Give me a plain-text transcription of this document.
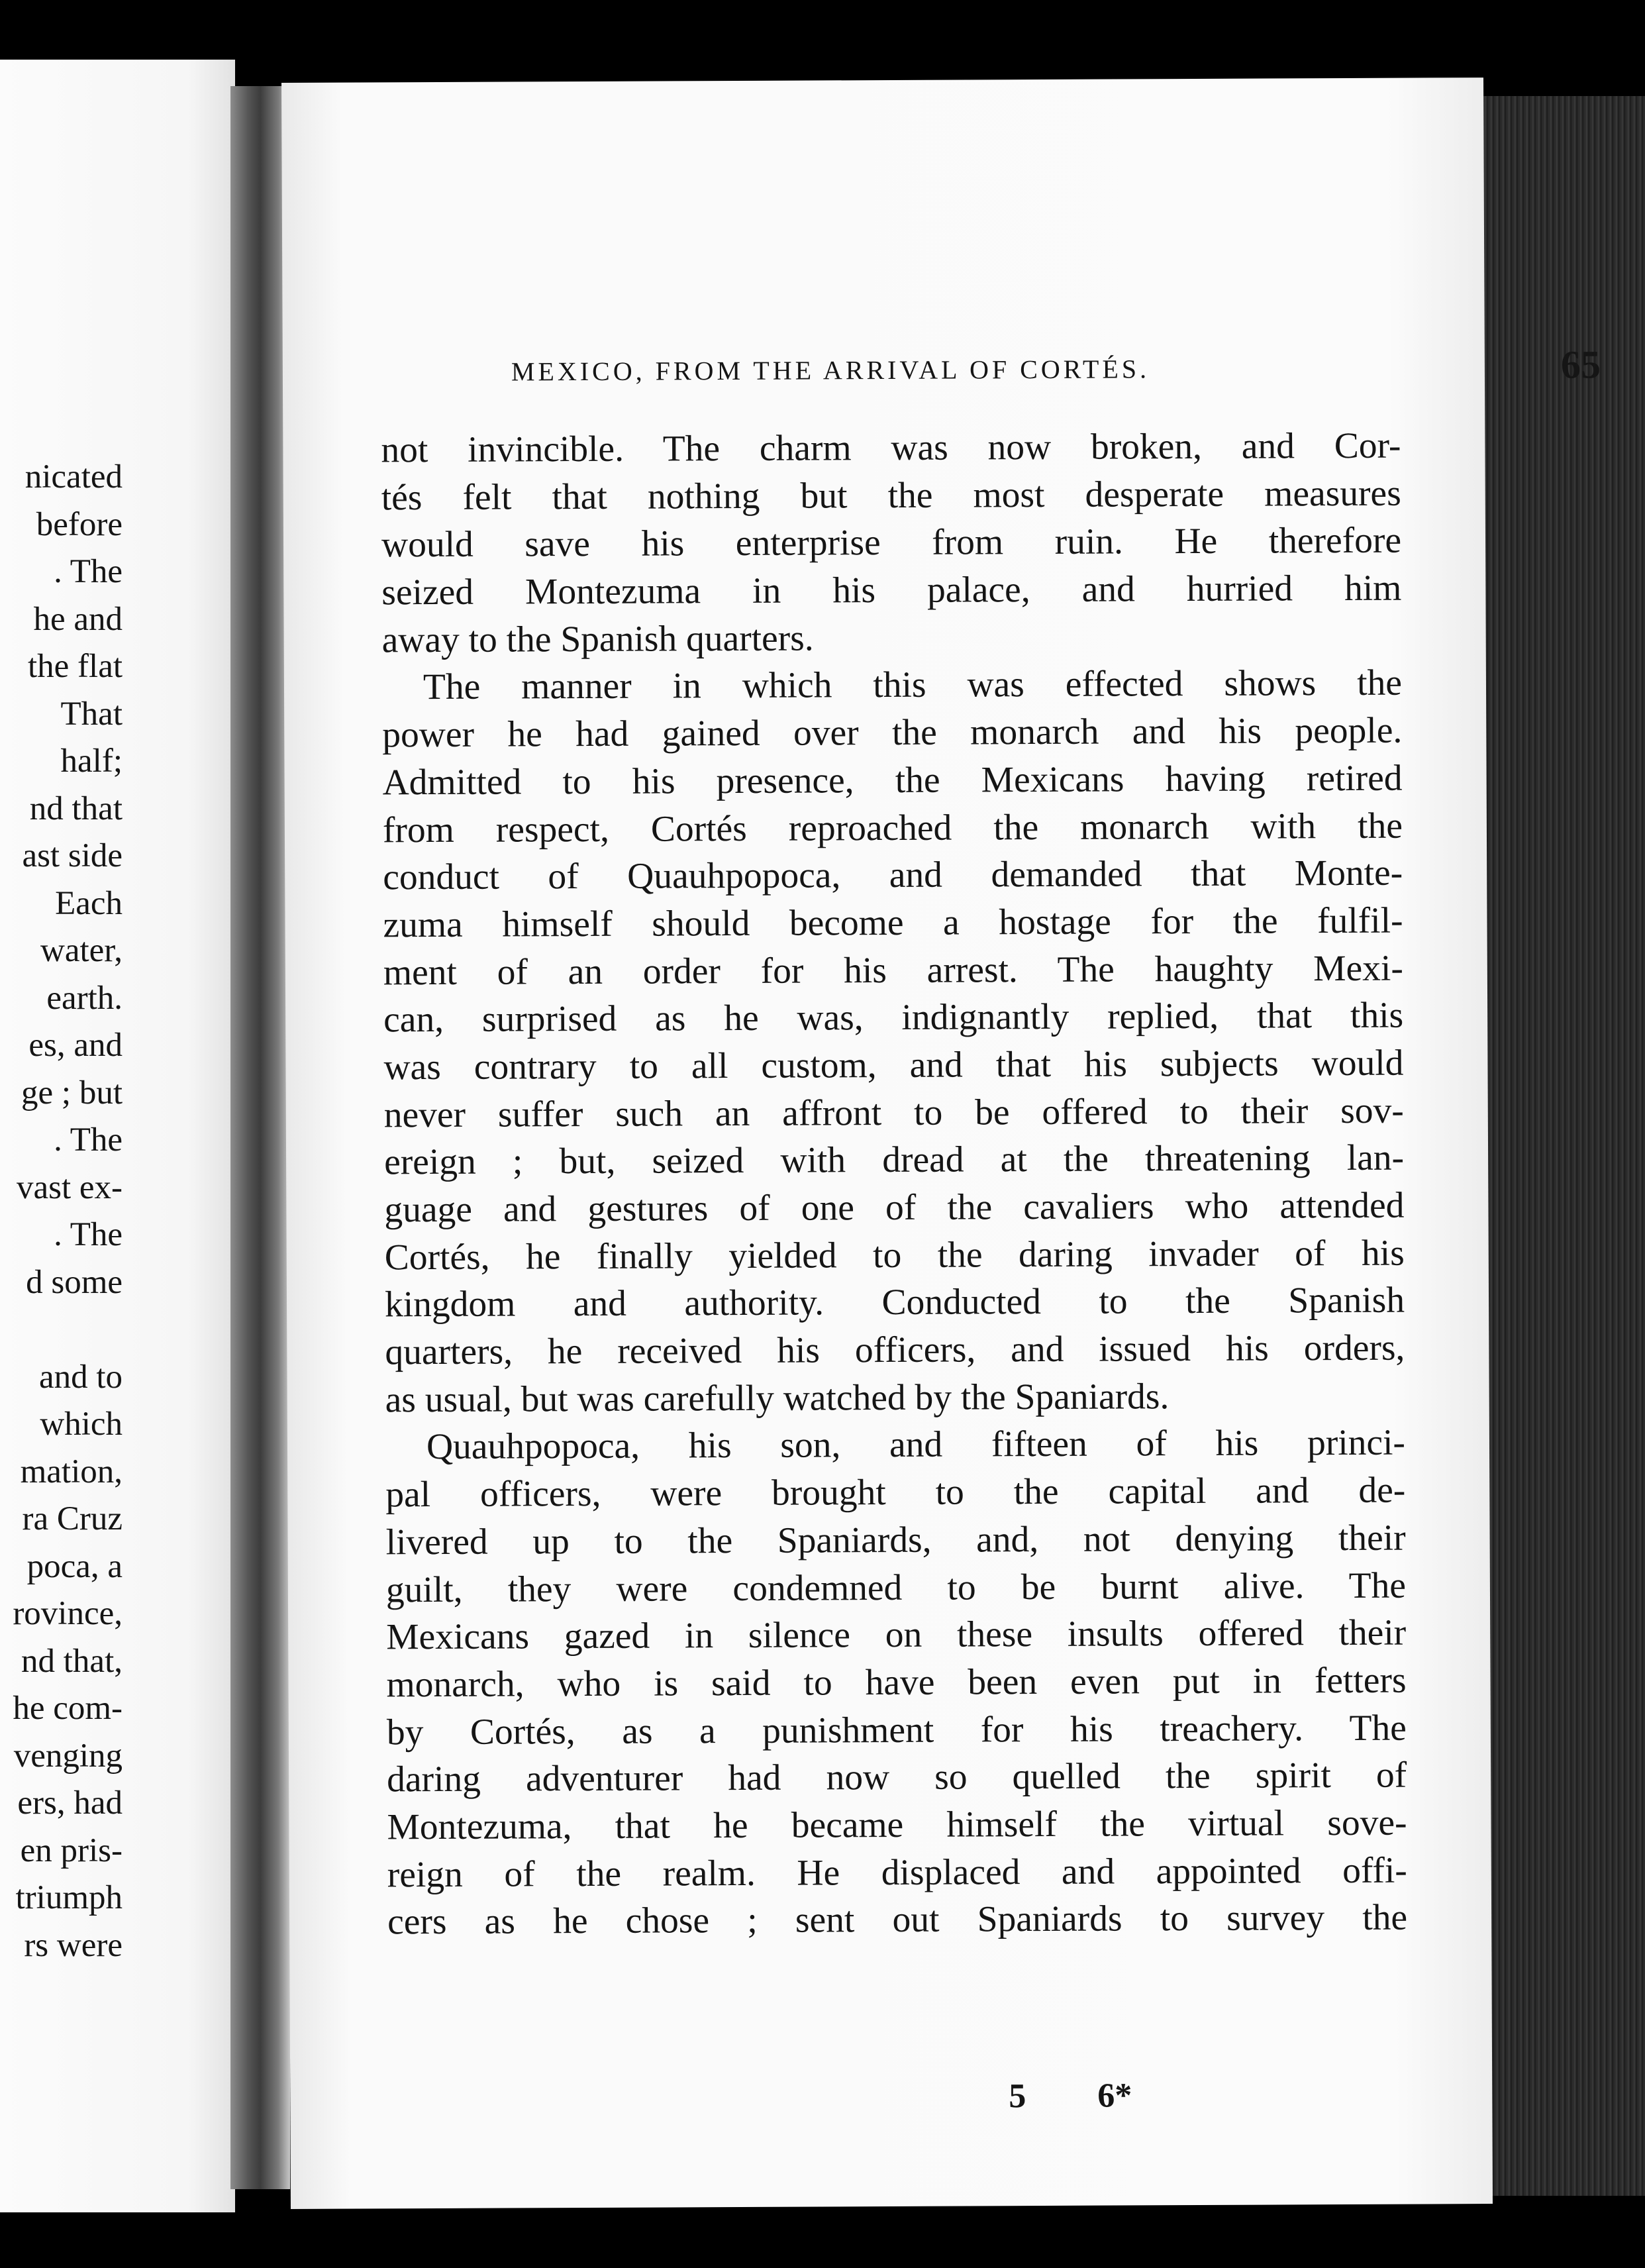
nicated
before
. The
he and
the flat
That
half;
nd that
ast side
Each
water,
earth.
es, and
ge ; but
. The
vast ex-
. The
d some
and to
which
mation,
ra Cruz
poca, a
rovince,
nd that,
he com-
venging
ers, had
en pris-
triumph
rs were
MEXICO, FROM THE ARRIVAL OF CORTÉS.	65
not invincible. The charm was now broken, and Cor-
tés felt that nothing but the most desperate measures
would save his enterprise from ruin. He therefore
seized Montezuma in his palace, and hurried him
away to the Spanish quarters.
The manner in which this was effected shows the
power he had gained over the monarch and his people.
Admitted to his presence, the Mexicans having retired
from respect, Cortés reproached the monarch with the
conduct of Quauhpopoca, and demanded that Monte-
zuma himself should become a hostage for the fulfil-
ment of an order for his arrest. The haughty Mexi-
can, surprised as he was, indignantly replied, that this
was contrary to all custom, and that his subjects would
never suffer such an affront to be offered to their sov-
ereign ; but, seized with dread at the threatening lan-
guage and gestures of one of the cavaliers who attended
Cortés, he finally yielded to the daring invader of his
kingdom and authority. Conducted to the Spanish
quarters, he received his officers, and issued his orders,
as usual, but was carefully watched by the Spaniards.
Quauhpopoca, his son, and fifteen of his princi-
pal officers, were brought to the capital and de-
livered up to the Spaniards, and, not denying their
guilt, they were condemned to be burnt alive. The
Mexicans gazed in silence on these insults offered their
monarch, who is said to have been even put in fetters
by Cortés, as a punishment for his treachery. The
daring adventurer had now so quelled the spirit of
Montezuma, that he became himself the virtual sove-
reign of the realm. He displaced and appointed offi-
cers as he chose ; sent out Spaniards to survey the
5 6*
